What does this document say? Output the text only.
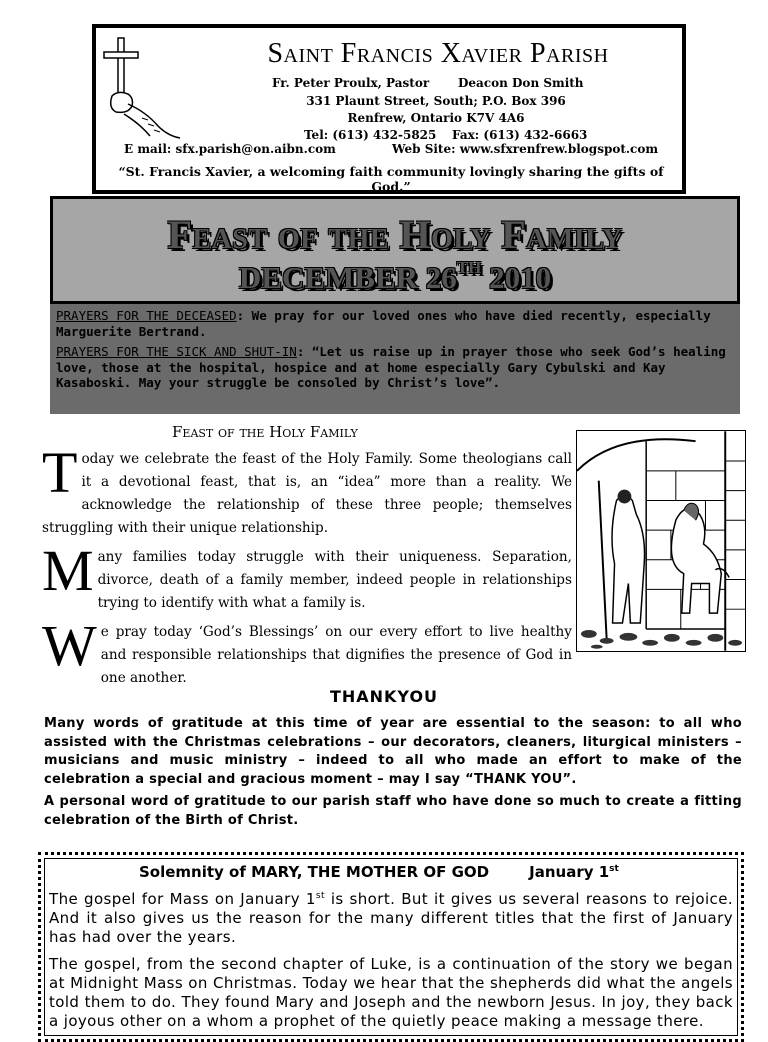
Saint Francis Xavier Parish
Fr. Peter Proulx, Pastor Deacon Don Smith
331 Plaunt Street, South; P.O. Box 396
Renfrew, Ontario K7V 4A6
Tel: (613) 432-5825 Fax: (613) 432-6663
E mail: sfx.parish@on.aibn.com	Web Site: www.sfxrenfrew.blogspot.com
“St. Francis Xavier, a welcoming faith community lovingly sharing the gifts of God.”
Feast of the Holy Family
DECEMBER 26TH 2010

PRAYERS FOR THE DECEASED: We pray for our loved ones who have died recently, especially Marguerite Bertrand.

PRAYERS FOR THE SICK AND SHUT-IN: “Let us raise up in prayer those who seek God’s healing love, those at the hospital, hospice and at home especially Gary Cybulski and Kay Kasaboski. May your struggle be consoled by Christ’s love”.

Feast of the Holy Family

Today we celebrate the feast of the Holy Family. Some theologians call it a devotional feast, that is, an “idea” more than a reality. We acknowledge the relationship of these three people; themselves struggling with their unique relationship.

Many families today struggle with their uniqueness. Separation, divorce, death of a family member, indeed people in relationships trying to identify with what a family is.

We pray today ‘God’s Blessings’ on our every effort to live healthy and responsible relationships that dignifies the presence of God in one another.

THANKYOU

Many words of gratitude at this time of year are essential to the season: to all who assisted with the Christmas celebrations – our decorators, cleaners, liturgical ministers – musicians and music ministry – indeed to all who made an effort to make of the celebration a special and gracious moment – may I say “THANK YOU”.

A personal word of gratitude to our parish staff who have done so much to create a fitting celebration of the Birth of Christ.

Solemnity of MARY, THE MOTHER OF GOD	January 1st

The gospel for Mass on January 1st is short. But it gives us several reasons to rejoice. And it also gives us the reason for the many different titles that the first of January has had over the years.

The gospel, from the second chapter of Luke, is a continuation of the story we began at Midnight Mass on Christmas. Today we hear that the shepherds did what the angels told them to do. They found Mary and Joseph and the newborn Jesus. In joy, they back a joyous other on a whom a prophet of the quietly peace making a message there.
